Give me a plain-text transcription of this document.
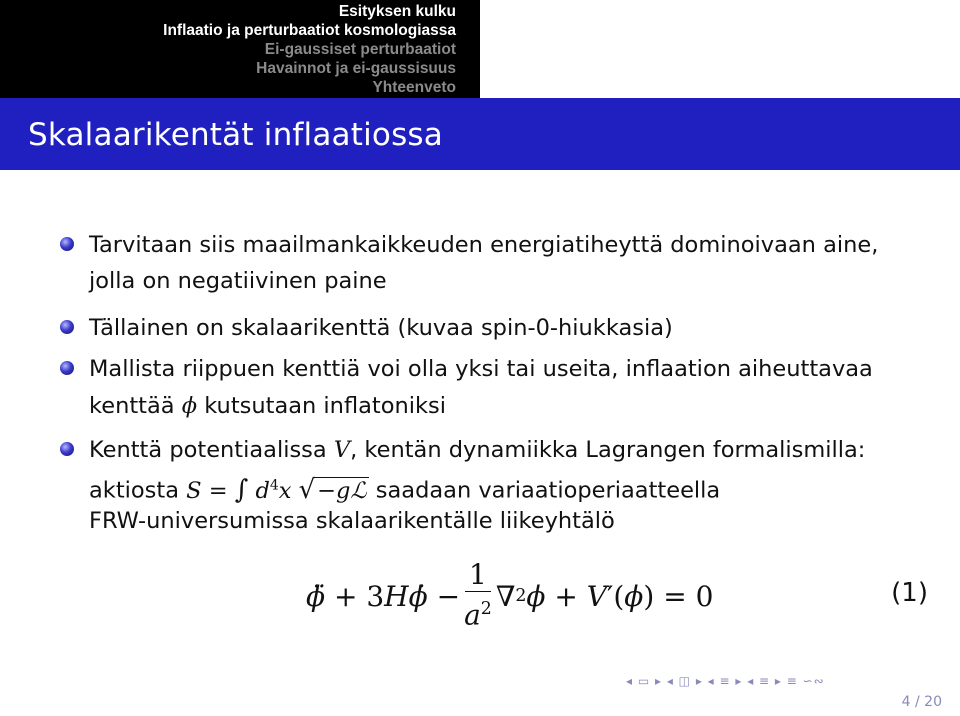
Esityksen kulku
Inflaatio ja perturbaatiot kosmologiassa
Ei-gaussiset perturbaatiot
Havainnot ja ei-gaussisuus
Yhteenveto
Skalaarikentät inflaatiossa
Tarvitaan siis maailmankaikkeuden energiatiheyttä dominoivaan aine,
jolla on negatiivinen paine
Tällainen on skalaarikenttä (kuvaa spin-0-hiukkasia)
Mallista riippuen kenttiä voi olla yksi tai useita, inflaation aiheuttavaa
kenttää ϕ kutsutaan inflatoniksi
Kenttä potentiaalissa V, kentän dynamiikka Lagrangen formalismilla:
aktiosta S = ∫ $d^4x$ √−gℒ saadaan variaatioperiaatteella
FRW-universumissa skalaarikentälle liikeyhtälö
ϕ̈ + 3 H ϕ̇ − $\frac{1}{a^2}$ ∇ 2 ϕ + V ′( ϕ ) = 0	(1)
◂ ▭ ▸ ◂ ◫ ▸ ◂ ≡ ▸ ◂ ≡ ▸ ≡ ∽∾
4 / 20
